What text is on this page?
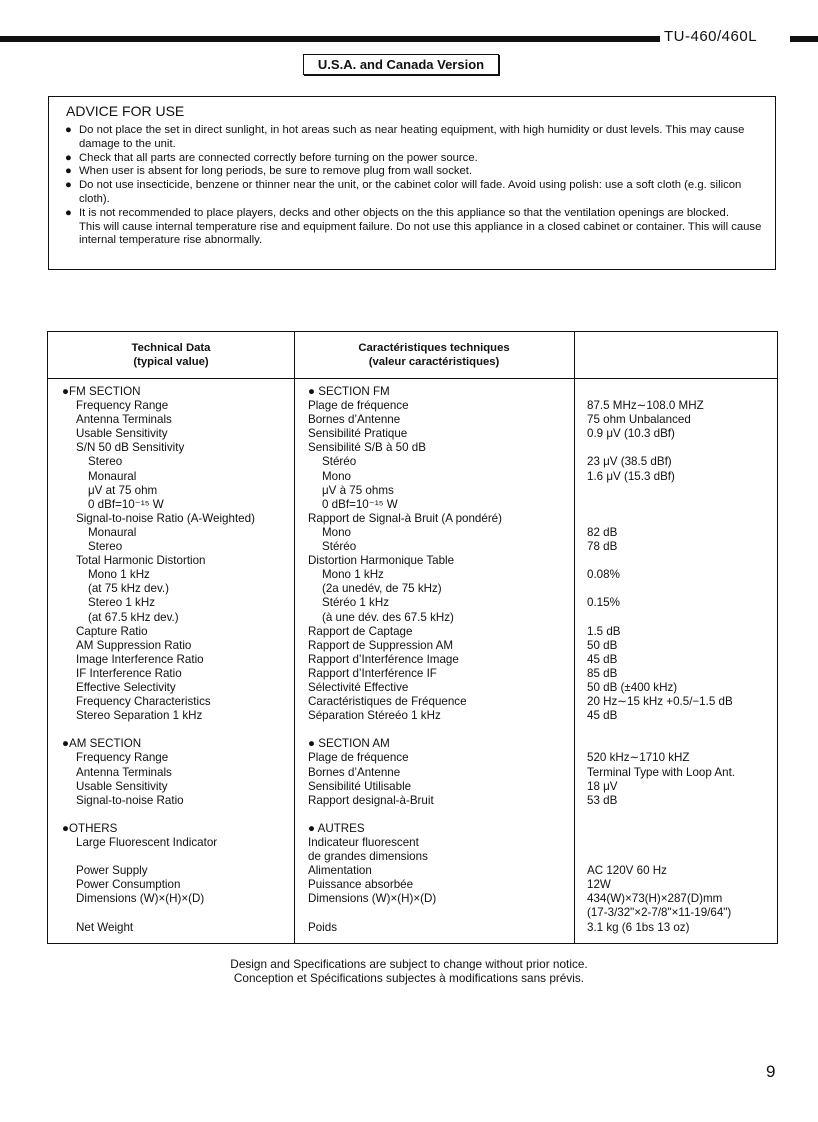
TU-460/460L
U.S.A. and Canada Version
ADVICE FOR USE
● Do not place the set in direct sunlight, in hot areas such as near heating equipment, with high humidity or dust levels. This may cause damage to the unit.
● Check that all parts are connected correctly before turning on the power source.
● When user is absent for long periods, be sure to remove plug from wall socket.
● Do not use insecticide, benzene or thinner near the unit, or the cabinet color will fade. Avoid using polish: use a soft cloth (e.g. silicon cloth).
● It is not recommended to place players, decks and other objects on the this appliance so that the ventilation openings are blocked.
This will cause internal temperature rise and equipment failure. Do not use this appliance in a closed cabinet or container. This will cause internal temperature rise abnormally.
Technical Data
(typical value)
Caractéristiques techniques
(valeur caractéristiques)
●FM SECTION
Frequency Range
Antenna Terminals
Usable Sensitivity
S/N 50 dB Sensitivity
Stereo
Monaural
μV at 75 ohm
0 dBf=10⁻¹⁵ W
Signal-to-noise Ratio (A-Weighted)
Monaural
Stereo
Total Harmonic Distortion
Mono 1 kHz
(at 75 kHz dev.)
Stereo 1 kHz
(at 67.5 kHz dev.)
Capture Ratio
AM Suppression Ratio
Image Interference Ratio
IF Interference Ratio
Effective Selectivity
Frequency Characteristics
Stereo Separation 1 kHz
●AM SECTION
Frequency Range
Antenna Terminals
Usable Sensitivity
Signal-to-noise Ratio
●OTHERS
Large Fluorescent Indicator
Power Supply
Power Consumption
Dimensions (W)×(H)×(D)
Net Weight
● SECTION FM
Plage de fréquence
Bornes d’Antenne
Sensibilité Pratique
Sensibilité S/B à 50 dB
Stéréo
Mono
μV à 75 ohms
0 dBf=10⁻¹⁵ W
Rapport de Signal-à Bruit (A pondéré)
Mono
Stéréo
Distortion Harmonique Table
Mono 1 kHz
(2a unedév, de 75 kHz)
Stéréo 1 kHz
(à une dév. des 67.5 kHz)
Rapport de Captage
Rapport de Suppression AM
Rapport d’Interférence Image
Rapport d’Interférence IF
Sélectivité Effective
Caractéristiques de Fréquence
Séparation Stéreéo 1 kHz
● SECTION AM
Plage de fréquence
Bornes d’Antenne
Sensibilité Utilisable
Rapport designal-à-Bruit
● AUTRES
Indicateur fluorescent
de grandes dimensions
Alimentation
Puissance absorbée
Dimensions (W)×(H)×(D)
Poids
87.5 MHz∼108.0 MHZ
75 ohm Unbalanced
0.9 μV (10.3 dBf)
23 μV (38.5 dBf)
1.6 μV (15.3 dBf)
82 dB
78 dB
0.08%
0.15%
1.5 dB
50 dB
45 dB
85 dB
50 dB (±400 kHz)
20 Hz∼15 kHz +0.5/−1.5 dB
45 dB
520 kHz∼1710 kHZ
Terminal Type with Loop Ant.
18 μV
53 dB
AC 120V 60 Hz
12W
434(W)×73(H)×287(D)mm
(17-3/32"×2-7/8"×11-19/64")
3.1 kg (6 1bs 13 oz)
Design and Specifications are subject to change without prior notice.
Conception et Spécifications subjectes à modifications sans prévis.
9
